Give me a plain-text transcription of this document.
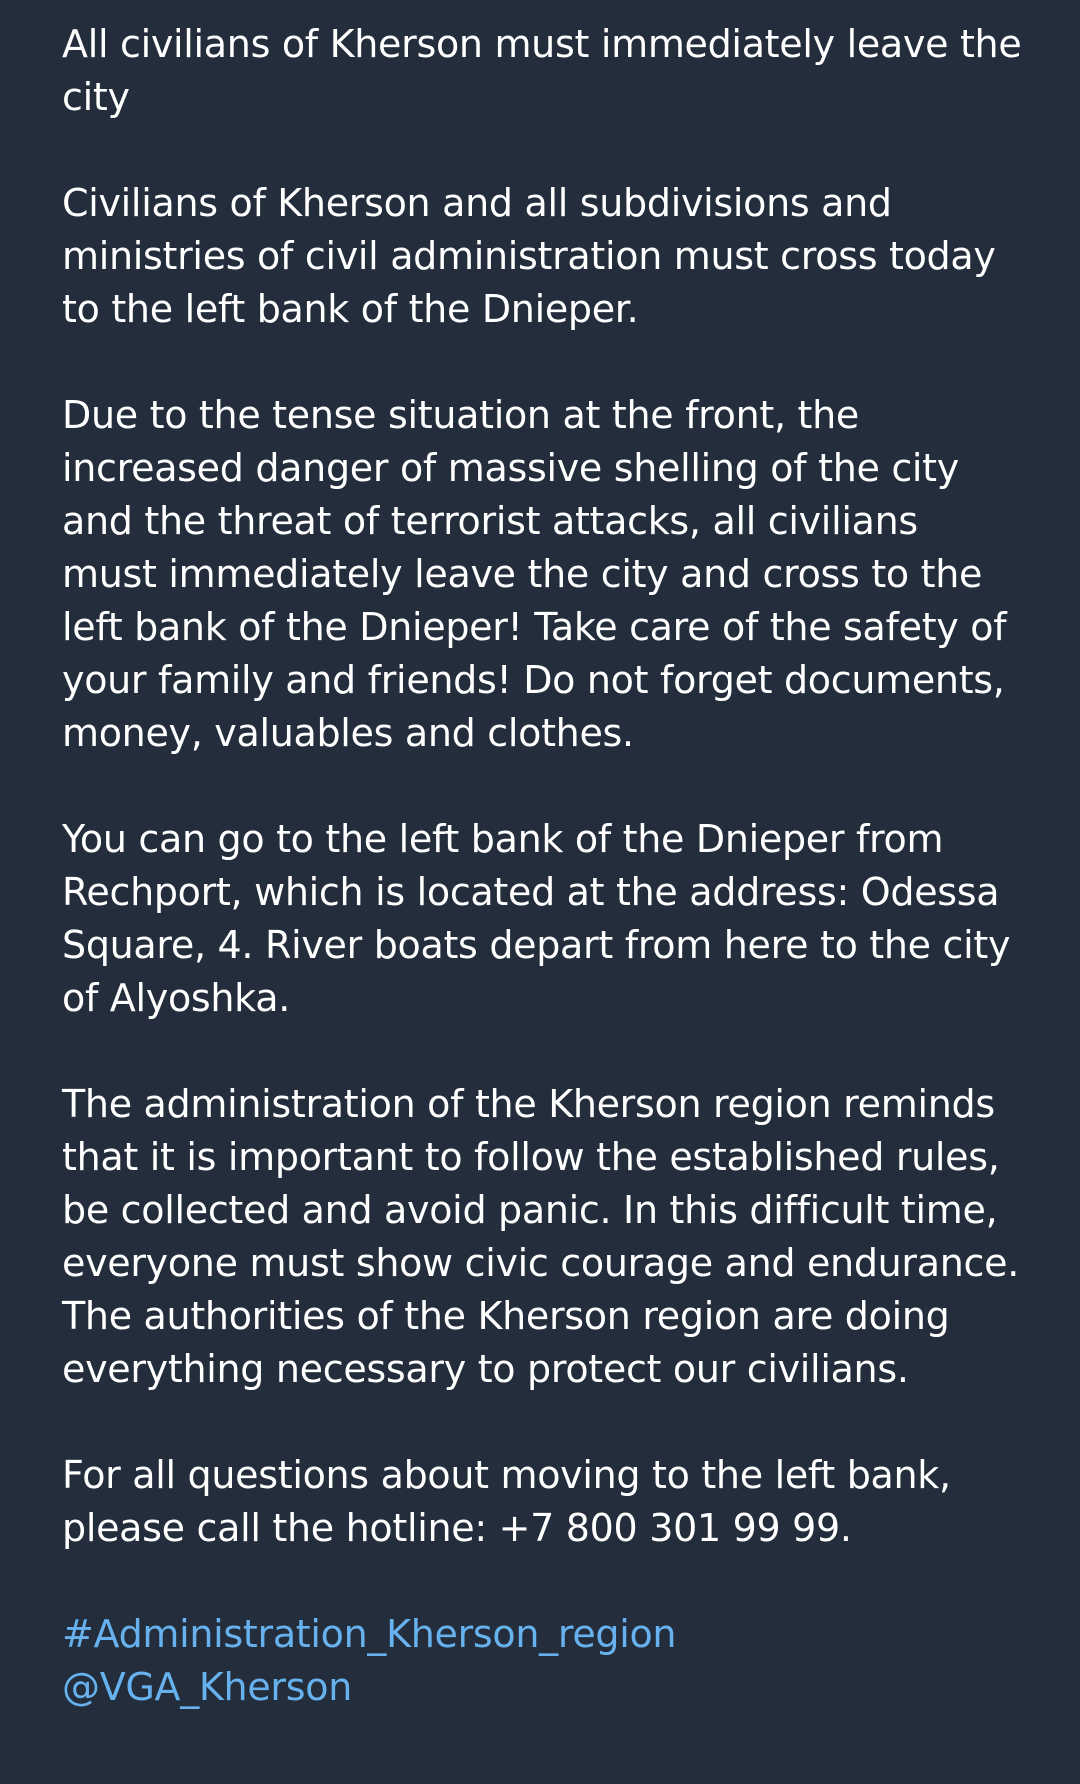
All civilians of Kherson must immediately leave the city

Civilians of Kherson and all subdivisions and ministries of civil administration must cross today to the left bank of the Dnieper.

Due to the tense situation at the front, the increased danger of massive shelling of the city and the threat of terrorist attacks, all civilians must immediately leave the city and cross to the left bank of the Dnieper! Take care of the safety of your family and friends! Do not forget documents, money, valuables and clothes.

You can go to the left bank of the Dnieper from Rechport, which is located at the address: Odessa Square, 4. River boats depart from here to the city of Alyoshka.

The administration of the Kherson region reminds that it is important to follow the established rules, be collected and avoid panic. In this difficult time, everyone must show civic courage and endurance. The authorities of the Kherson region are doing everything necessary to protect our civilians.

For all questions about moving to the left bank, please call the hotline: +7 800 301 99 99.

#Administration_Kherson_region
@VGA_Kherson
